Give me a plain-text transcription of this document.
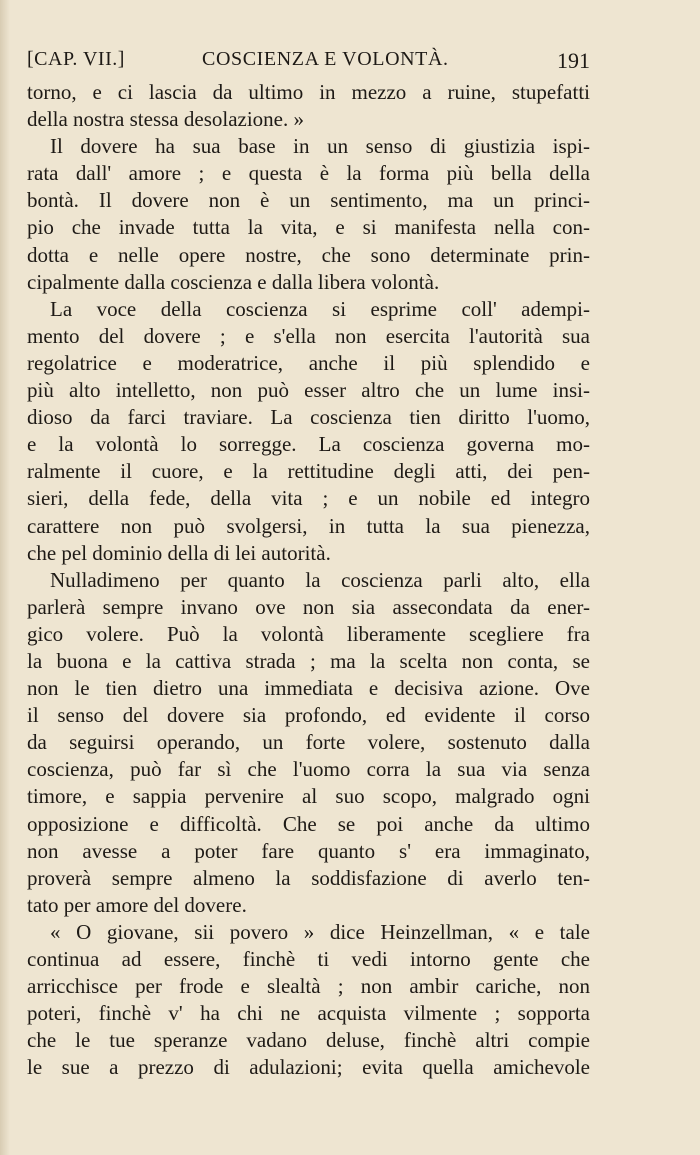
[CAP. VII.]	COSCIENZA E VOLONTÀ.	191
torno, e ci lascia da ultimo in mezzo a ruine, stupefatti
della nostra stessa desolazione. »
Il dovere ha sua base in un senso di giustizia ispi-
rata dall' amore ; e questa è la forma più bella della
bontà. Il dovere non è un sentimento, ma un princi-
pio che invade tutta la vita, e si manifesta nella con-
dotta e nelle opere nostre, che sono determinate prin-
cipalmente dalla coscienza e dalla libera volontà.
La voce della coscienza si esprime coll' adempi-
mento del dovere ; e s'ella non esercita l'autorità sua
regolatrice e moderatrice, anche il più splendido e
più alto intelletto, non può esser altro che un lume insi-
dioso da farci traviare. La coscienza tien diritto l'uomo,
e la volontà lo sorregge. La coscienza governa mo-
ralmente il cuore, e la rettitudine degli atti, dei pen-
sieri, della fede, della vita ; e un nobile ed integro
carattere non può svolgersi, in tutta la sua pienezza,
che pel dominio della di lei autorità.
Nulladimeno per quanto la coscienza parli alto, ella
parlerà sempre invano ove non sia assecondata da ener-
gico volere. Può la volontà liberamente scegliere fra
la buona e la cattiva strada ; ma la scelta non conta, se
non le tien dietro una immediata e decisiva azione. Ove
il senso del dovere sia profondo, ed evidente il corso
da seguirsi operando, un forte volere, sostenuto dalla
coscienza, può far sì che l'uomo corra la sua via senza
timore, e sappia pervenire al suo scopo, malgrado ogni
opposizione e difficoltà. Che se poi anche da ultimo
non avesse a poter fare quanto s' era immaginato,
proverà sempre almeno la soddisfazione di averlo ten-
tato per amore del dovere.
« O giovane, sii povero » dice Heinzellman, « e tale
continua ad essere, finchè ti vedi intorno gente che
arricchisce per frode e slealtà ; non ambir cariche, non
poteri, finchè v' ha chi ne acquista vilmente ; sopporta
che le tue speranze vadano deluse, finchè altri compie
le sue a prezzo di adulazioni; evita quella amichevole
